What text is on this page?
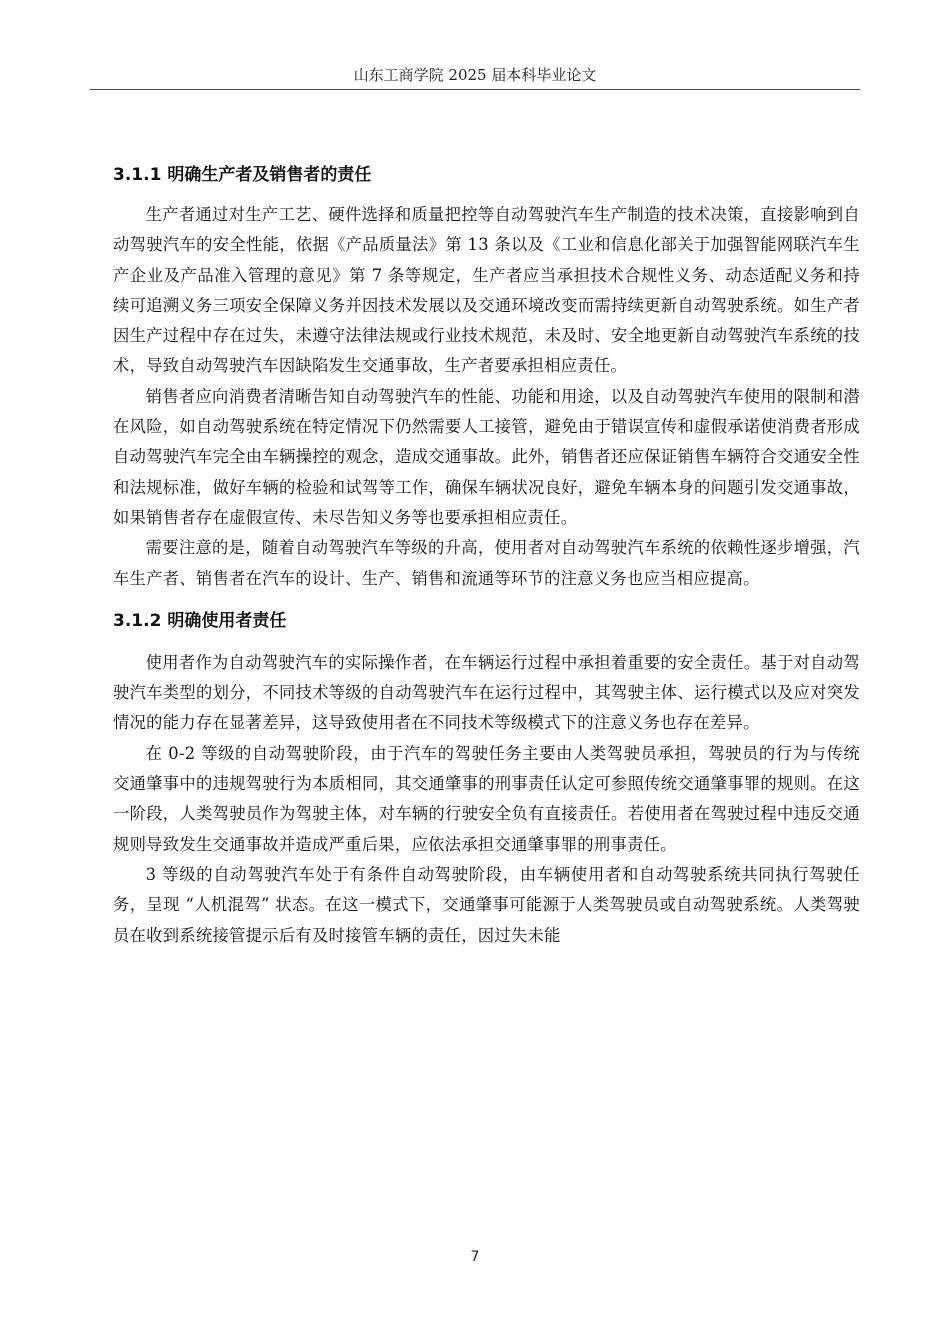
山东工商学院 2025 届本科毕业论文
3.1.1 明确生产者及销售者的责任

生产者通过对生产工艺、硬件选择和质量把控等自动驾驶汽车生产制造的技术决策，直接影响到自动驾驶汽车的安全性能，依据《产品质量法》第 13 条以及《工业和信息化部关于加强智能网联汽车生产企业及产品准入管理的意见》第 7 条等规定，生产者应当承担技术合规性义务、动态适配义务和持续可追溯义务三项安全保障义务并因技术发展以及交通环境改变而需持续更新自动驾驶系统。如生产者因生产过程中存在过失，未遵守法律法规或行业技术规范，未及时、安全地更新自动驾驶汽车系统的技术，导致自动驾驶汽车因缺陷发生交通事故，生产者要承担相应责任。

销售者应向消费者清晰告知自动驾驶汽车的性能、功能和用途，以及自动驾驶汽车使用的限制和潜在风险，如自动驾驶系统在特定情况下仍然需要人工接管，避免由于错误宣传和虚假承诺使消费者形成自动驾驶汽车完全由车辆操控的观念，造成交通事故。此外，销售者还应保证销售车辆符合交通安全性和法规标准，做好车辆的检验和试驾等工作，确保车辆状况良好，避免车辆本身的问题引发交通事故，如果销售者存在虚假宣传、未尽告知义务等也要承担相应责任。

需要注意的是，随着自动驾驶汽车等级的升高，使用者对自动驾驶汽车系统的依赖性逐步增强，汽车生产者、销售者在汽车的设计、生产、销售和流通等环节的注意义务也应当相应提高。

3.1.2 明确使用者责任

使用者作为自动驾驶汽车的实际操作者，在车辆运行过程中承担着重要的安全责任。基于对自动驾驶汽车类型的划分，不同技术等级的自动驾驶汽车在运行过程中，其驾驶主体、运行模式以及应对突发情况的能力存在显著差异，这导致使用者在不同技术等级模式下的注意义务也存在差异。

在 0-2 等级的自动驾驶阶段，由于汽车的驾驶任务主要由人类驾驶员承担，驾驶员的行为与传统交通肇事中的违规驾驶行为本质相同，其交通肇事的刑事责任认定可参照传统交通肇事罪的规则。在这一阶段，人类驾驶员作为驾驶主体，对车辆的行驶安全负有直接责任。若使用者在驾驶过程中违反交通规则导致发生交通事故并造成严重后果，应依法承担交通肇事罪的刑事责任。

3 等级的自动驾驶汽车处于有条件自动驾驶阶段，由车辆使用者和自动驾驶系统共同执行驾驶任务，呈现 “人机混驾” 状态。在这一模式下，交通肇事可能源于人类驾驶员或自动驾驶系统。人类驾驶员在收到系统接管提示后有及时接管车辆的责任，因过失未能

7
